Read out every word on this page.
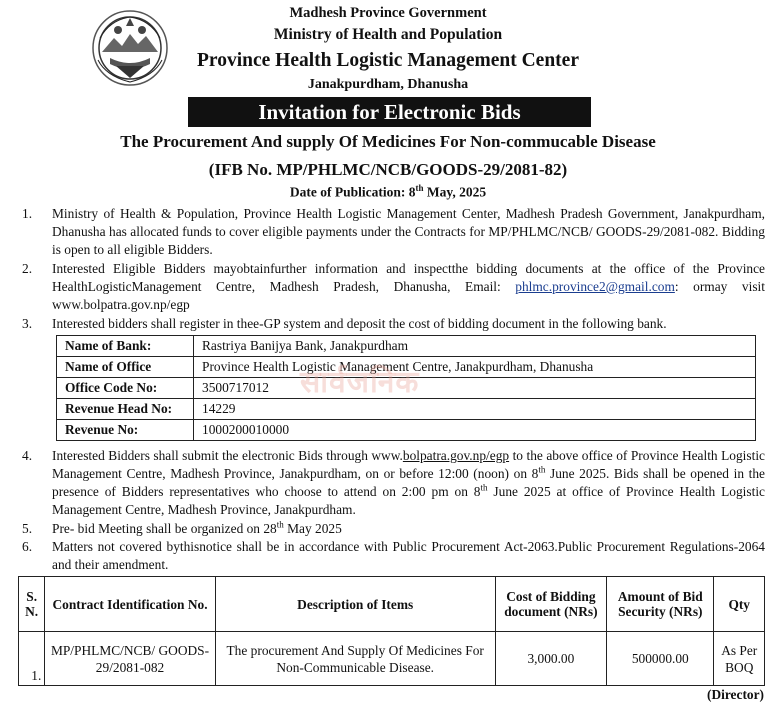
Madhesh Province Government
Ministry of Health and Population
Province Health Logistic Management Center
Janakpurdham, Dhanusha
Invitation for Electronic Bids
The Procurement And supply Of Medicines For Non-commucable Disease
(IFB No. MP/PHLMC/NCB/GOODS-29/2081-82)
Date of Publication: 8th May, 2025
1.	Ministry of Health & Population, Province Health Logistic Management Center, Madhesh Pradesh Government, Janakpurdham, Dhanusha has allocated funds to cover eligible payments under the Contracts for MP/PHLMC/NCB/ GOODS-29/2081-082. Bidding is open to all eligible Bidders.
2.	Interested Eligible Bidders mayobtainfurther information and inspectthe bidding documents at the office of the Province HealthLogisticManagement Centre, Madhesh Pradesh, Dhanusha, Email: phlmc.province2@gmail.com: ormay visit www.bolpatra.gov.np/egp
3.	Interested bidders shall register in thee-GP system and deposit the cost of bidding document in the following bank.
Name of Bank:	Rastriya Banijya Bank, Janakpurdham
Name of Office	Province Health Logistic Management Centre, Janakpurdham, Dhanusha
Office Code No:	3500717012
Revenue Head No:	14229
Revenue No:	1000200010000
सार्वजनिक
4.	Interested Bidders shall submit the electronic Bids through www.bolpatra.gov.np/egp to the above office of Province Health Logistic Management Centre, Madhesh Province, Janakpurdham, on or before 12:00 (noon) on 8th June 2025. Bids shall be opened in the presence of Bidders representatives who choose to attend on 2:00 pm on 8th June 2025 at office of Province Health Logistic Management Centre, Madhesh Province, Janakpurdham.
5.	Pre- bid Meeting shall be organized on 28th May 2025
6.	Matters not covered bythisnotice shall be in accordance with Public Procurement Act-2063.Public Procurement Regulations-2064 and their amendment.
S. N.	Contract Identification No.	Description of Items	Cost of Bidding document (NRs)	Amount of Bid Security (NRs)	Qty
1.	MP/PHLMC/NCB/ GOODS-29/2081-082	The procurement And Supply Of Medicines For Non-Communicable Disease.	3,000.00	500000.00	As Per BOQ
(Director)
